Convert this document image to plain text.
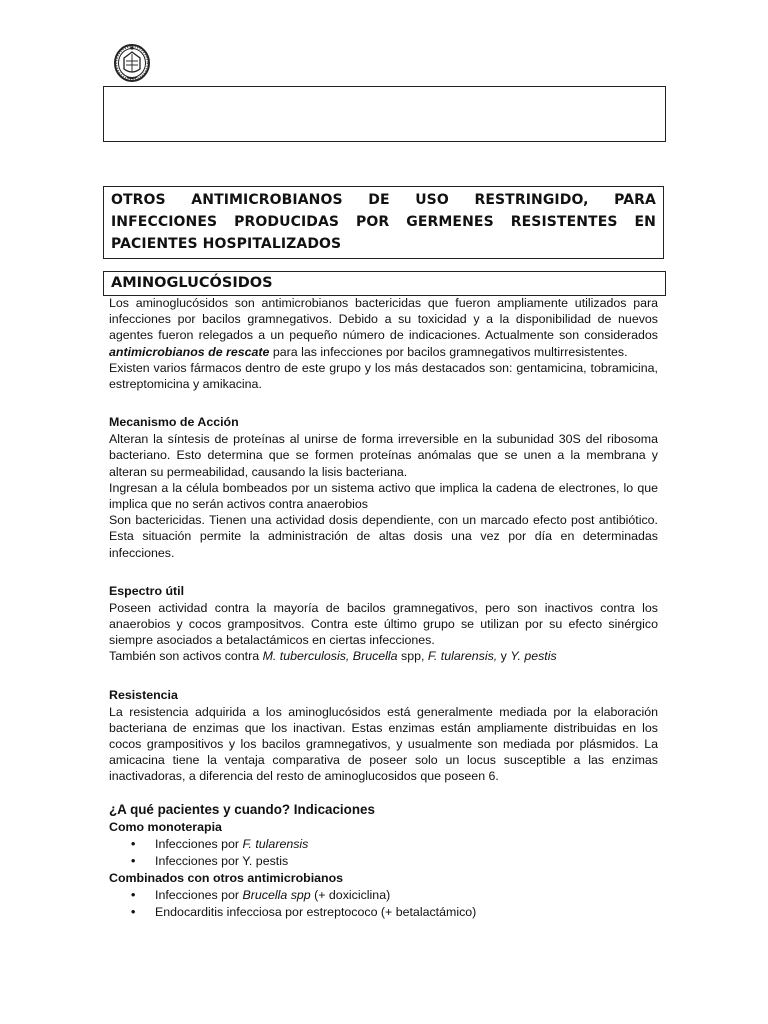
OTROS ANTIMICROBIANOS DE USO RESTRINGIDO, PARA INFECCIONES PRODUCIDAS POR GERMENES RESISTENTES EN PACIENTES HOSPITALIZADOS
AMINOGLUCÓSIDOS

Los aminoglucósidos son antimicrobianos bactericidas que fueron ampliamente utilizados para infecciones por bacilos gramnegativos. Debido a su toxicidad y a la disponibilidad de nuevos agentes fueron relegados a un pequeño número de indicaciones. Actualmente son considerados antimicrobianos de rescate para las infecciones por bacilos gramnegativos multirresistentes.

Existen varios fármacos dentro de este grupo y los más destacados son: gentamicina, tobramicina, estreptomicina y amikacina.

Mecanismo de Acción

Alteran la síntesis de proteínas al unirse de forma irreversible en la subunidad 30S del ribosoma bacteriano. Esto determina que se formen proteínas anómalas que se unen a la membrana y alteran su permeabilidad, causando la lisis bacteriana.

Ingresan a la célula bombeados por un sistema activo que implica la cadena de electrones, lo que implica que no serán activos contra anaerobios

Son bactericidas. Tienen una actividad dosis dependiente, con un marcado efecto post antibiótico. Esta situación permite la administración de altas dosis una vez por día en determinadas infecciones.

Espectro útil

Poseen actividad contra la mayoría de bacilos gramnegativos, pero son inactivos contra los anaerobios y cocos grampositvos. Contra este último grupo se utilizan por su efecto sinérgico siempre asociados a betalactámicos en ciertas infecciones.

También son activos contra M. tuberculosis, Brucella spp, F. tularensis, y Y. pestis

Resistencia

La resistencia adquirida a los aminoglucósidos está generalmente mediada por la elaboración bacteriana de enzimas que los inactivan. Estas enzimas están ampliamente distribuidas en los cocos grampositivos y los bacilos gramnegativos, y usualmente son mediada por plásmidos. La amicacina tiene la ventaja comparativa de poseer solo un locus susceptible a las enzimas inactivadoras, a diferencia del resto de aminoglucosidos que poseen 6.

¿A qué pacientes y cuando? Indicaciones
Como monoterapia
• Infecciones por F. tularensis
• Infecciones por Y. pestis
Combinados con otros antimicrobianos
• Infecciones por Brucella spp (+ doxiciclina)
• Endocarditis infecciosa por estreptococo (+ betalactámico)
